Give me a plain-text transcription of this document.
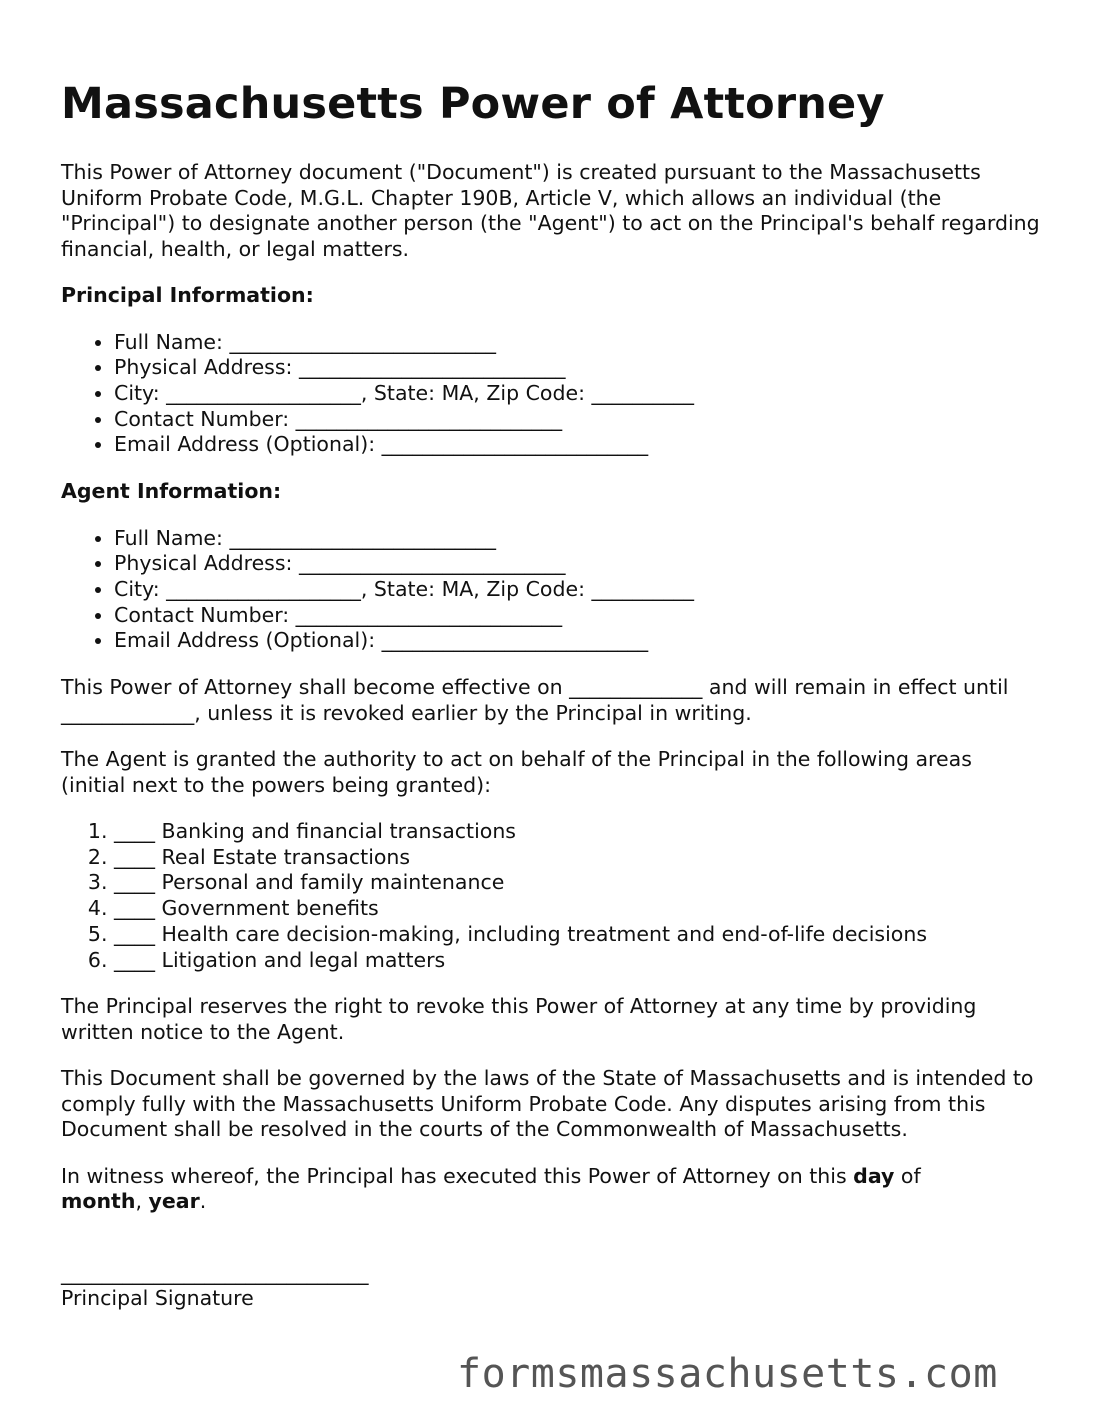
Massachusetts Power of Attorney

This Power of Attorney document ("Document") is created pursuant to the Massachusetts Uniform Probate Code, M.G.L. Chapter 190B, Article V, which allows an individual (the "Principal") to designate another person (the "Agent") to act on the Principal's behalf regarding financial, health, or legal matters.

Principal Information:
• Full Name: __________________________
• Physical Address: __________________________
• City: ___________________, State: MA, Zip Code: __________
• Contact Number: __________________________
• Email Address (Optional): __________________________
Agent Information:
• Full Name: __________________________
• Physical Address: __________________________
• City: ___________________, State: MA, Zip Code: __________
• Contact Number: __________________________
• Email Address (Optional): __________________________

This Power of Attorney shall become effective on _____________ and will remain in effect until _____________, unless it is revoked earlier by the Principal in writing.

The Agent is granted the authority to act on behalf of the Principal in the following areas (initial next to the powers being granted):

1. ____ Banking and financial transactions
2. ____ Real Estate transactions
3. ____ Personal and family maintenance
4. ____ Government benefits
5. ____ Health care decision-making, including treatment and end-of-life decisions
6. ____ Litigation and legal matters

The Principal reserves the right to revoke this Power of Attorney at any time by providing written notice to the Agent.

This Document shall be governed by the laws of the State of Massachusetts and is intended to comply fully with the Massachusetts Uniform Probate Code. Any disputes arising from this Document shall be resolved in the courts of the Commonwealth of Massachusetts.

In witness whereof, the Principal has executed this Power of Attorney on this day of
month, year.

______________________________
Principal Signature
formsmassachusetts.com
